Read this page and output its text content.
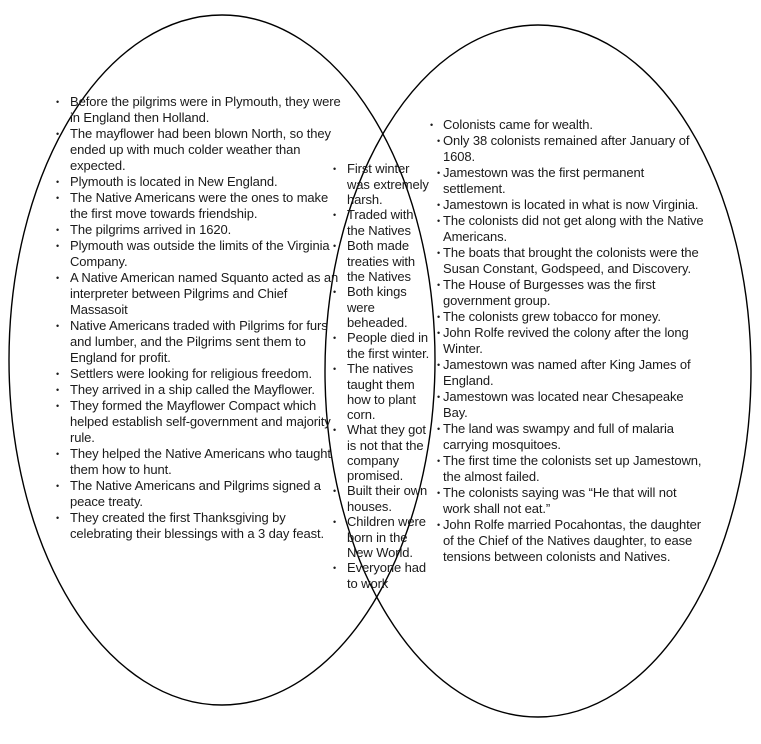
• Before the pilgrims were in Plymouth, they were in England then Holland.
• The mayflower had been blown North, so they ended up with much colder weather than expected.
• Plymouth is located in New England.
• The Native Americans were the ones to make the first move towards friendship.
• The pilgrims arrived in 1620.
• Plymouth was outside the limits of the Virginia Company.
• A Native American named Squanto acted as an interpreter between Pilgrims and Chief Massasoit
• Native Americans traded with Pilgrims for furs and lumber, and the Pilgrims sent them to England for profit.
• Settlers were looking for religious freedom.
• They arrived in a ship called the Mayflower.
• They formed the Mayflower Compact which helped establish self-government and majority rule.
• They helped the Native Americans who taught them how to hunt.
• The Native Americans and Pilgrims signed a peace treaty.
• They created the first Thanksgiving by celebrating their blessings with a 3 day feast.
• First winter was extremely harsh.
• Traded with the Natives
• Both made treaties with the Natives
• Both kings were beheaded.
• People died in the first winter.
• The natives taught them how to plant corn.
• What they got is not that the company promised.
• Built their own houses.
• Children were born in the New World.
• Everyone had to work
• Colonists came for wealth.
• Only 38 colonists remained after January of 1608.
• Jamestown was the first permanent settlement.
• Jamestown is located in what is now Virginia.
• The colonists did not get along with the Native Americans.
• The boats that brought the colonists were the Susan Constant, Godspeed, and Discovery.
• The House of Burgesses was the first government group.
• The colonists grew tobacco for money.
• John Rolfe revived the colony after the long Winter.
• Jamestown was named after King James of England.
• Jamestown was located near Chesapeake Bay.
• The land was swampy and full of malaria carrying mosquitoes.
• The first time the colonists set up Jamestown, the almost failed.
• The colonists saying was “He that will not work shall not eat.”
• John Rolfe married Pocahontas, the daughter of the Chief of the Natives daughter, to ease tensions between colonists and Natives.
